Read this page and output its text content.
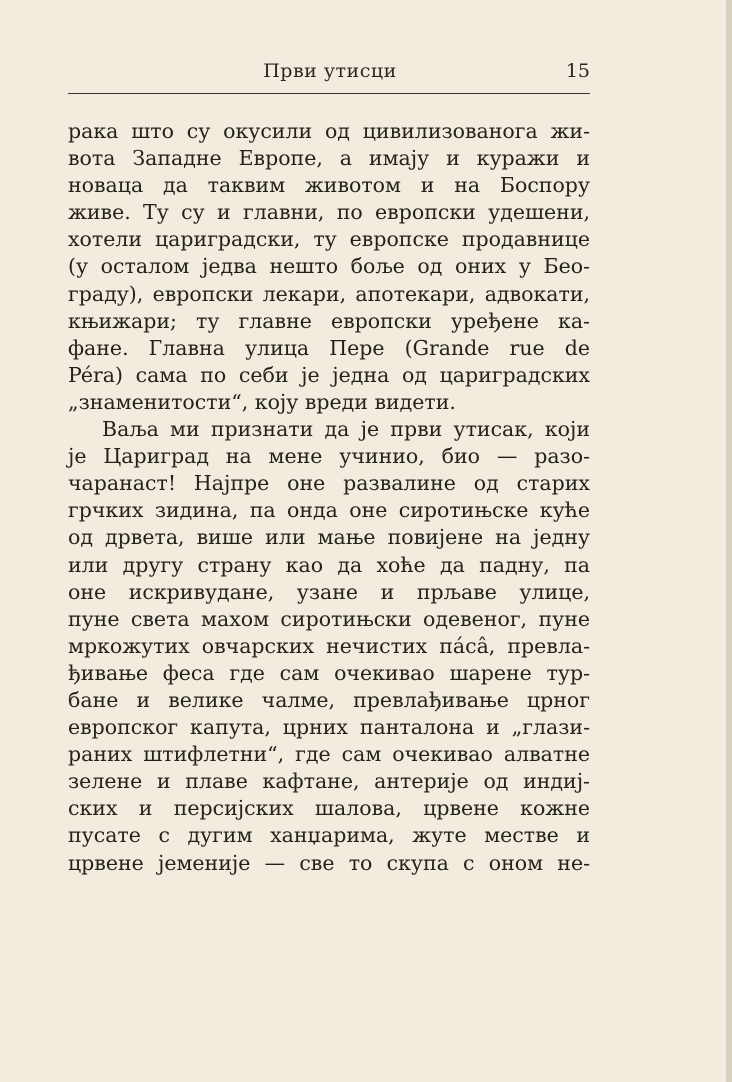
Први утисци	15
рака што су окусили од цивилизованога жи-
вота Западне Европе, а имају и куражи и
новаца да таквим животом и на Боспору
живе. Ту су и главни, по европски удешени,
хотели цариградски, ту европске продавнице
(у осталом једва нешто боље од оних у Бео-
граду), европски лекари, апотекари, адвокати,
књижари; ту главне европски уређене ка-
фане. Главна улица Пере (Grande rue de
Péra) сама по себи је једна од цариградских
„знаменитости“, коју вреди видети.
Ваља ми признати да је први утисак, који
је Цариград на мене учинио, био — разо-
чаранаст! Најпре оне развалине од старих
грчких зидина, па онда оне сиротињске куће
од дрвета, више или мање повијене на једну
или другу страну као да хоће да падну, па
оне искривудане, узане и прљаве улице,
пуне света махом сиротињски одевеног, пуне
мркожутих овчарских нечистих пáсâ, превла-
ђивање феса где сам очекивао шарене тур-
бане и велике чалме, превлађивање црног
европског капута, црних панталона и „глази-
раних штифлетни“, где сам очекивао алватне
зелене и плаве кафтане, антерије од индиј-
ских и персијских шалова, црвене кожне
пусате с дугим ханџарима, жуте местве и
црвене јеменије — све то скупа с оном не-
